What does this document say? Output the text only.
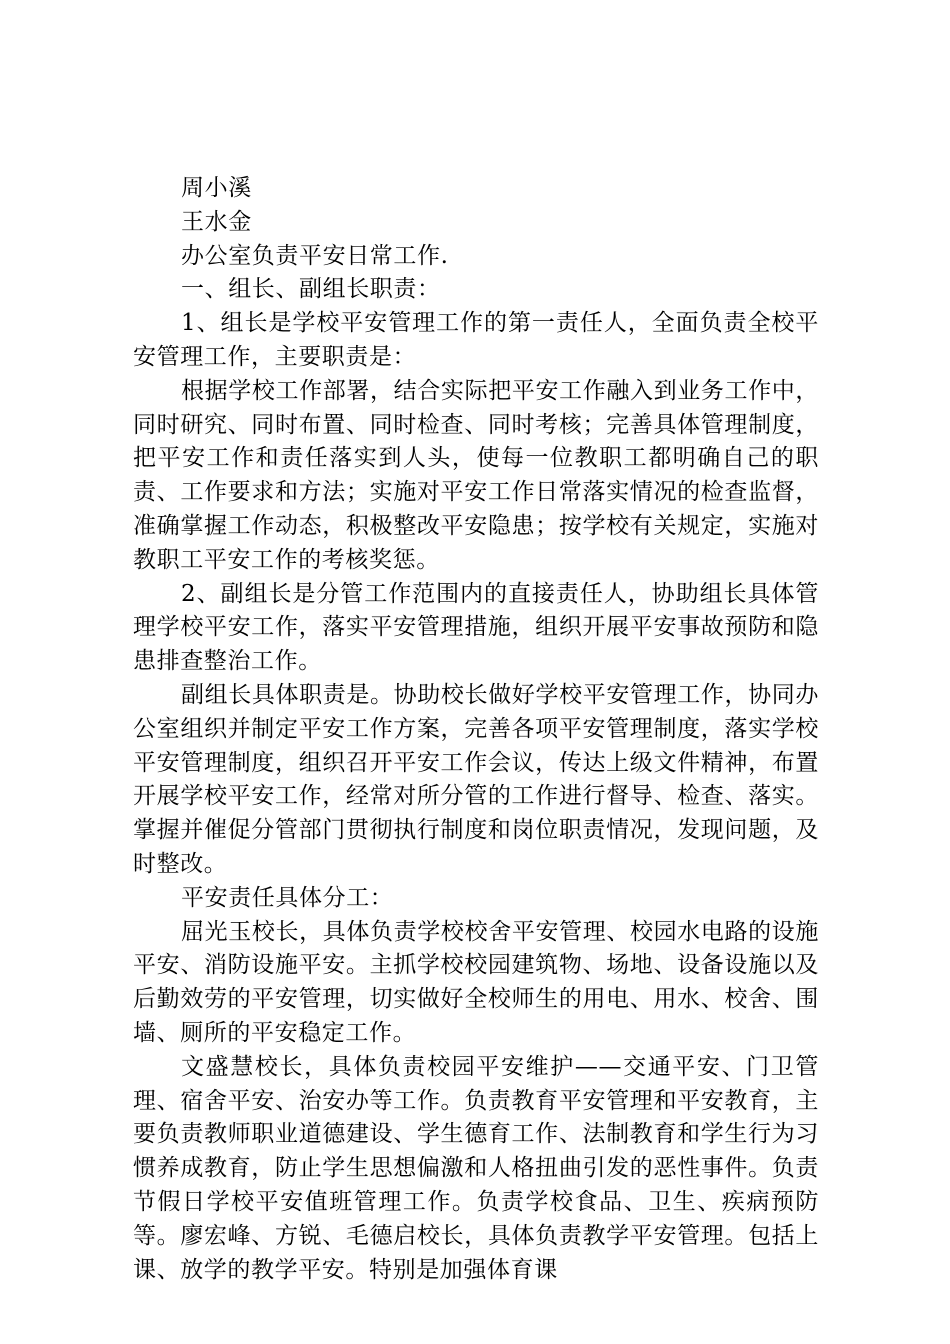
周小溪

王水金

办公室负责平安日常工作.

一、组长、副组长职责：

1、组长是学校平安管理工作的第一责任人，全面负责全校平安管理工作，主要职责是：

根据学校工作部署，结合实际把平安工作融入到业务工作中，同时研究、同时布置、同时检查、同时考核；完善具体管理制度，把平安工作和责任落实到人头，使每一位教职工都明确自己的职责、工作要求和方法；实施对平安工作日常落实情况的检查监督，准确掌握工作动态，积极整改平安隐患；按学校有关规定，实施对教职工平安工作的考核奖惩。

2、副组长是分管工作范围内的直接责任人，协助组长具体管理学校平安工作，落实平安管理措施，组织开展平安事故预防和隐患排查整治工作。

副组长具体职责是。协助校长做好学校平安管理工作，协同办公室组织并制定平安工作方案，完善各项平安管理制度，落实学校平安管理制度，组织召开平安工作会议，传达上级文件精神，布置开展学校平安工作，经常对所分管的工作进行督导、检查、落实。掌握并催促分管部门贯彻执行制度和岗位职责情况，发现问题，及时整改。

平安责任具体分工：

屈光玉校长，具体负责学校校舍平安管理、校园水电路的设施平安、消防设施平安。主抓学校校园建筑物、场地、设备设施以及后勤效劳的平安管理，切实做好全校师生的用电、用水、校舍、围墙、厕所的平安稳定工作。

文盛慧校长，具体负责校园平安维护——交通平安、门卫管理、宿舍平安、治安办等工作。负责教育平安管理和平安教育，主要负责教师职业道德建设、学生德育工作、法制教育和学生行为习惯养成教育，防止学生思想偏激和人格扭曲引发的恶性事件。负责节假日学校平安值班管理工作。负责学校食品、卫生、疾病预防等。廖宏峰、方锐、毛德启校长，具体负责教学平安管理。包括上课、放学的教学平安。特别是加强体育课
